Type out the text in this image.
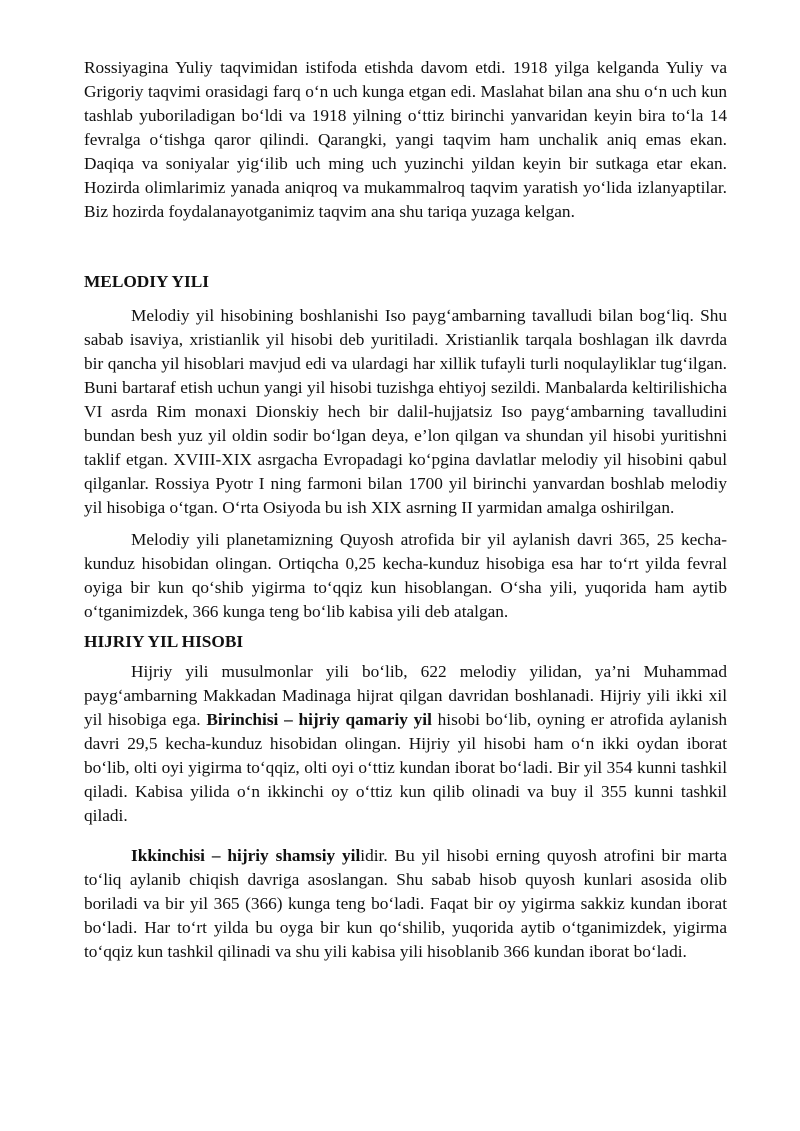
Rossiyagina Yuliy taqvimidan istifoda etishda davom etdi. 1918 yilga kelganda Yuliy va Grigoriy taqvimi orasidagi farq o‘n uch kunga etgan edi. Maslahat bilan ana shu o‘n uch kun tashlab yuboriladigan bo‘ldi va 1918 yilning o‘ttiz birinchi yanvaridan keyin bira to‘la 14 fevralga o‘tishga qaror qilindi. Qarangki, yangi taqvim ham unchalik aniq emas ekan. Daqiqa va soniyalar yig‘ilib uch ming uch yuzinchi yildan keyin bir sutkaga etar ekan. Hozirda olimlarimiz yanada aniqroq va mukammalroq taqvim yaratish yo‘lida izlanyaptilar. Biz hozirda foydalanayotganimiz taqvim ana shu tariqa yuzaga kelgan.

MELODIY YILI

Melodiy yil hisobining boshlanishi Iso payg‘ambarning tavalludi bilan bog‘liq. Shu sabab isaviya, xristianlik yil hisobi deb yuritiladi. Xristianlik tarqala boshlagan ilk davrda bir qancha yil hisoblari mavjud edi va ulardagi har xillik tufayli turli noqulayliklar tug‘ilgan. Buni bartaraf etish uchun yangi yil hisobi tuzishga ehtiyoj sezildi. Manbalarda keltirilishicha VI asrda Rim monaxi Dionskiy hech bir dalil-hujjatsiz Iso payg‘ambarning tavalludini bundan besh yuz yil oldin sodir bo‘lgan deya, e’lon qilgan va shundan yil hisobi yuritishni taklif etgan. XVIII-XIX asrgacha Evropadagi ko‘pgina davlatlar melodiy yil hisobini qabul qilganlar. Rossiya Pyotr I ning farmoni bilan 1700 yil birinchi yanvardan boshlab melodiy yil hisobiga o‘tgan. O‘rta Osiyoda bu ish XIX asrning II yarmidan amalga oshirilgan.

Melodiy yili planetamizning Quyosh atrofida bir yil aylanish davri 365, 25 kecha-kunduz hisobidan olingan. Ortiqcha 0,25 kecha-kunduz hisobiga esa har to‘rt yilda fevral oyiga bir kun qo‘shib yigirma to‘qqiz kun hisoblangan. O‘sha yili, yuqorida ham aytib o‘tganimizdek, 366 kunga teng bo‘lib kabisa yili deb atalgan.

HIJRIY YIL HISOBI

Hijriy yili musulmonlar yili bo‘lib, 622 melodiy yilidan, ya’ni Muhammad payg‘ambarning Makkadan Madinaga hijrat qilgan davridan boshlanadi. Hijriy yili ikki xil yil hisobiga ega. Birinchisi – hijriy qamariy yil hisobi bo‘lib, oyning er atrofida aylanish davri 29,5 kecha-kunduz hisobidan olingan. Hijriy yil hisobi ham o‘n ikki oydan iborat bo‘lib, olti oyi yigirma to‘qqiz, olti oyi o‘ttiz kundan iborat bo‘ladi. Bir yil 354 kunni tashkil qiladi. Kabisa yilida o‘n ikkinchi oy o‘ttiz kun qilib olinadi va buy il 355 kunni tashkil qiladi.

Ikkinchisi – hijriy shamsiy yilidir. Bu yil hisobi erning quyosh atrofini bir marta to‘liq aylanib chiqish davriga asoslangan. Shu sabab hisob quyosh kunlari asosida olib boriladi va bir yil 365 (366) kunga teng bo‘ladi. Faqat bir oy yigirma sakkiz kundan iborat bo‘ladi. Har to‘rt yilda bu oyga bir kun qo‘shilib, yuqorida aytib o‘tganimizdek, yigirma to‘qqiz kun tashkil qilinadi va shu yili kabisa yili hisoblanib 366 kundan iborat bo‘ladi.
